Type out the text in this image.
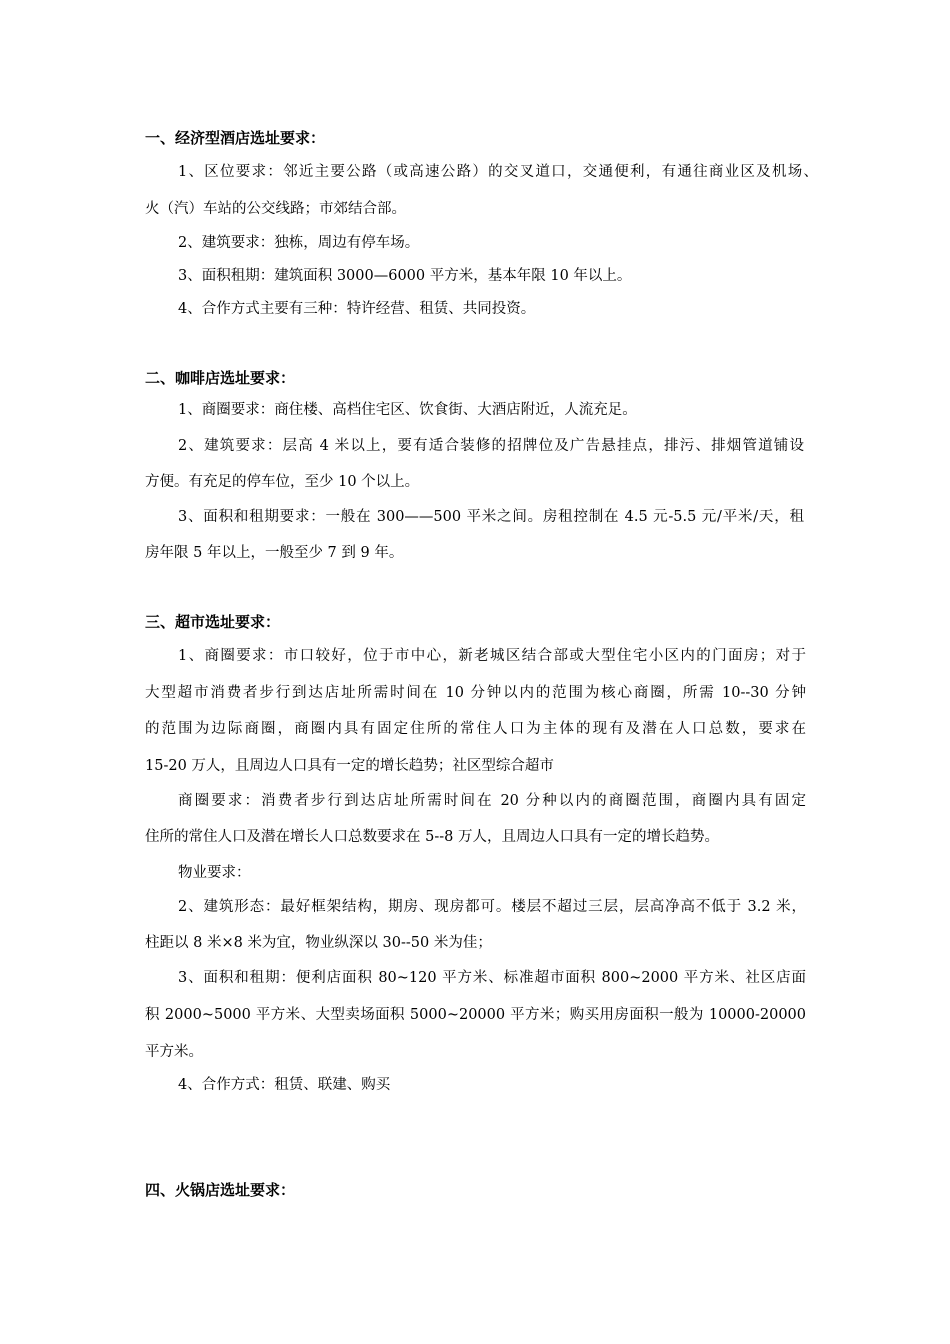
一、经济型酒店选址要求：
1、区位要求：邻近主要公路（或高速公路）的交叉道口，交通便利，有通往商业区及机场、
火（汽）车站的公交线路；市郊结合部。
2、建筑要求：独栋，周边有停车场。
3、面积租期：建筑面积 3000—6000 平方米，基本年限 10 年以上。
4、合作方式主要有三种：特许经营、租赁、共同投资。
二、咖啡店选址要求：
1、商圈要求：商住楼、高档住宅区、饮食街、大酒店附近，人流充足。
2、建筑要求：层高 4 米以上，要有适合装修的招牌位及广告悬挂点，排污、排烟管道铺设
方便。有充足的停车位，至少 10 个以上。
3、面积和租期要求：一般在 300——500 平米之间。房租控制在 4.5 元-5.5 元/平米/天，租
房年限 5 年以上，一般至少 7 到 9 年。
三、超市选址要求：
1、商圈要求：市口较好，位于市中心，新老城区结合部或大型住宅小区内的门面房；对于
大型超市消费者步行到达店址所需时间在 10 分钟以内的范围为核心商圈，所需 10--30 分钟
的范围为边际商圈，商圈内具有固定住所的常住人口为主体的现有及潜在人口总数，要求在
15-20 万人，且周边人口具有一定的增长趋势；社区型综合超市
商圈要求：消费者步行到达店址所需时间在 20 分种以内的商圈范围，商圈内具有固定
住所的常住人口及潜在增长人口总数要求在 5--8 万人，且周边人口具有一定的增长趋势。
物业要求：
2、建筑形态：最好框架结构，期房、现房都可。楼层不超过三层，层高净高不低于 3.2 米，
柱距以 8 米×8 米为宜，物业纵深以 30--50 米为佳；
3、面积和租期：便利店面积 80~120 平方米、标准超市面积 800~2000 平方米、社区店面
积 2000~5000 平方米、大型卖场面积 5000~20000 平方米；购买用房面积一般为 10000-20000
平方米。
4、合作方式：租赁、联建、购买
四、火锅店选址要求：
